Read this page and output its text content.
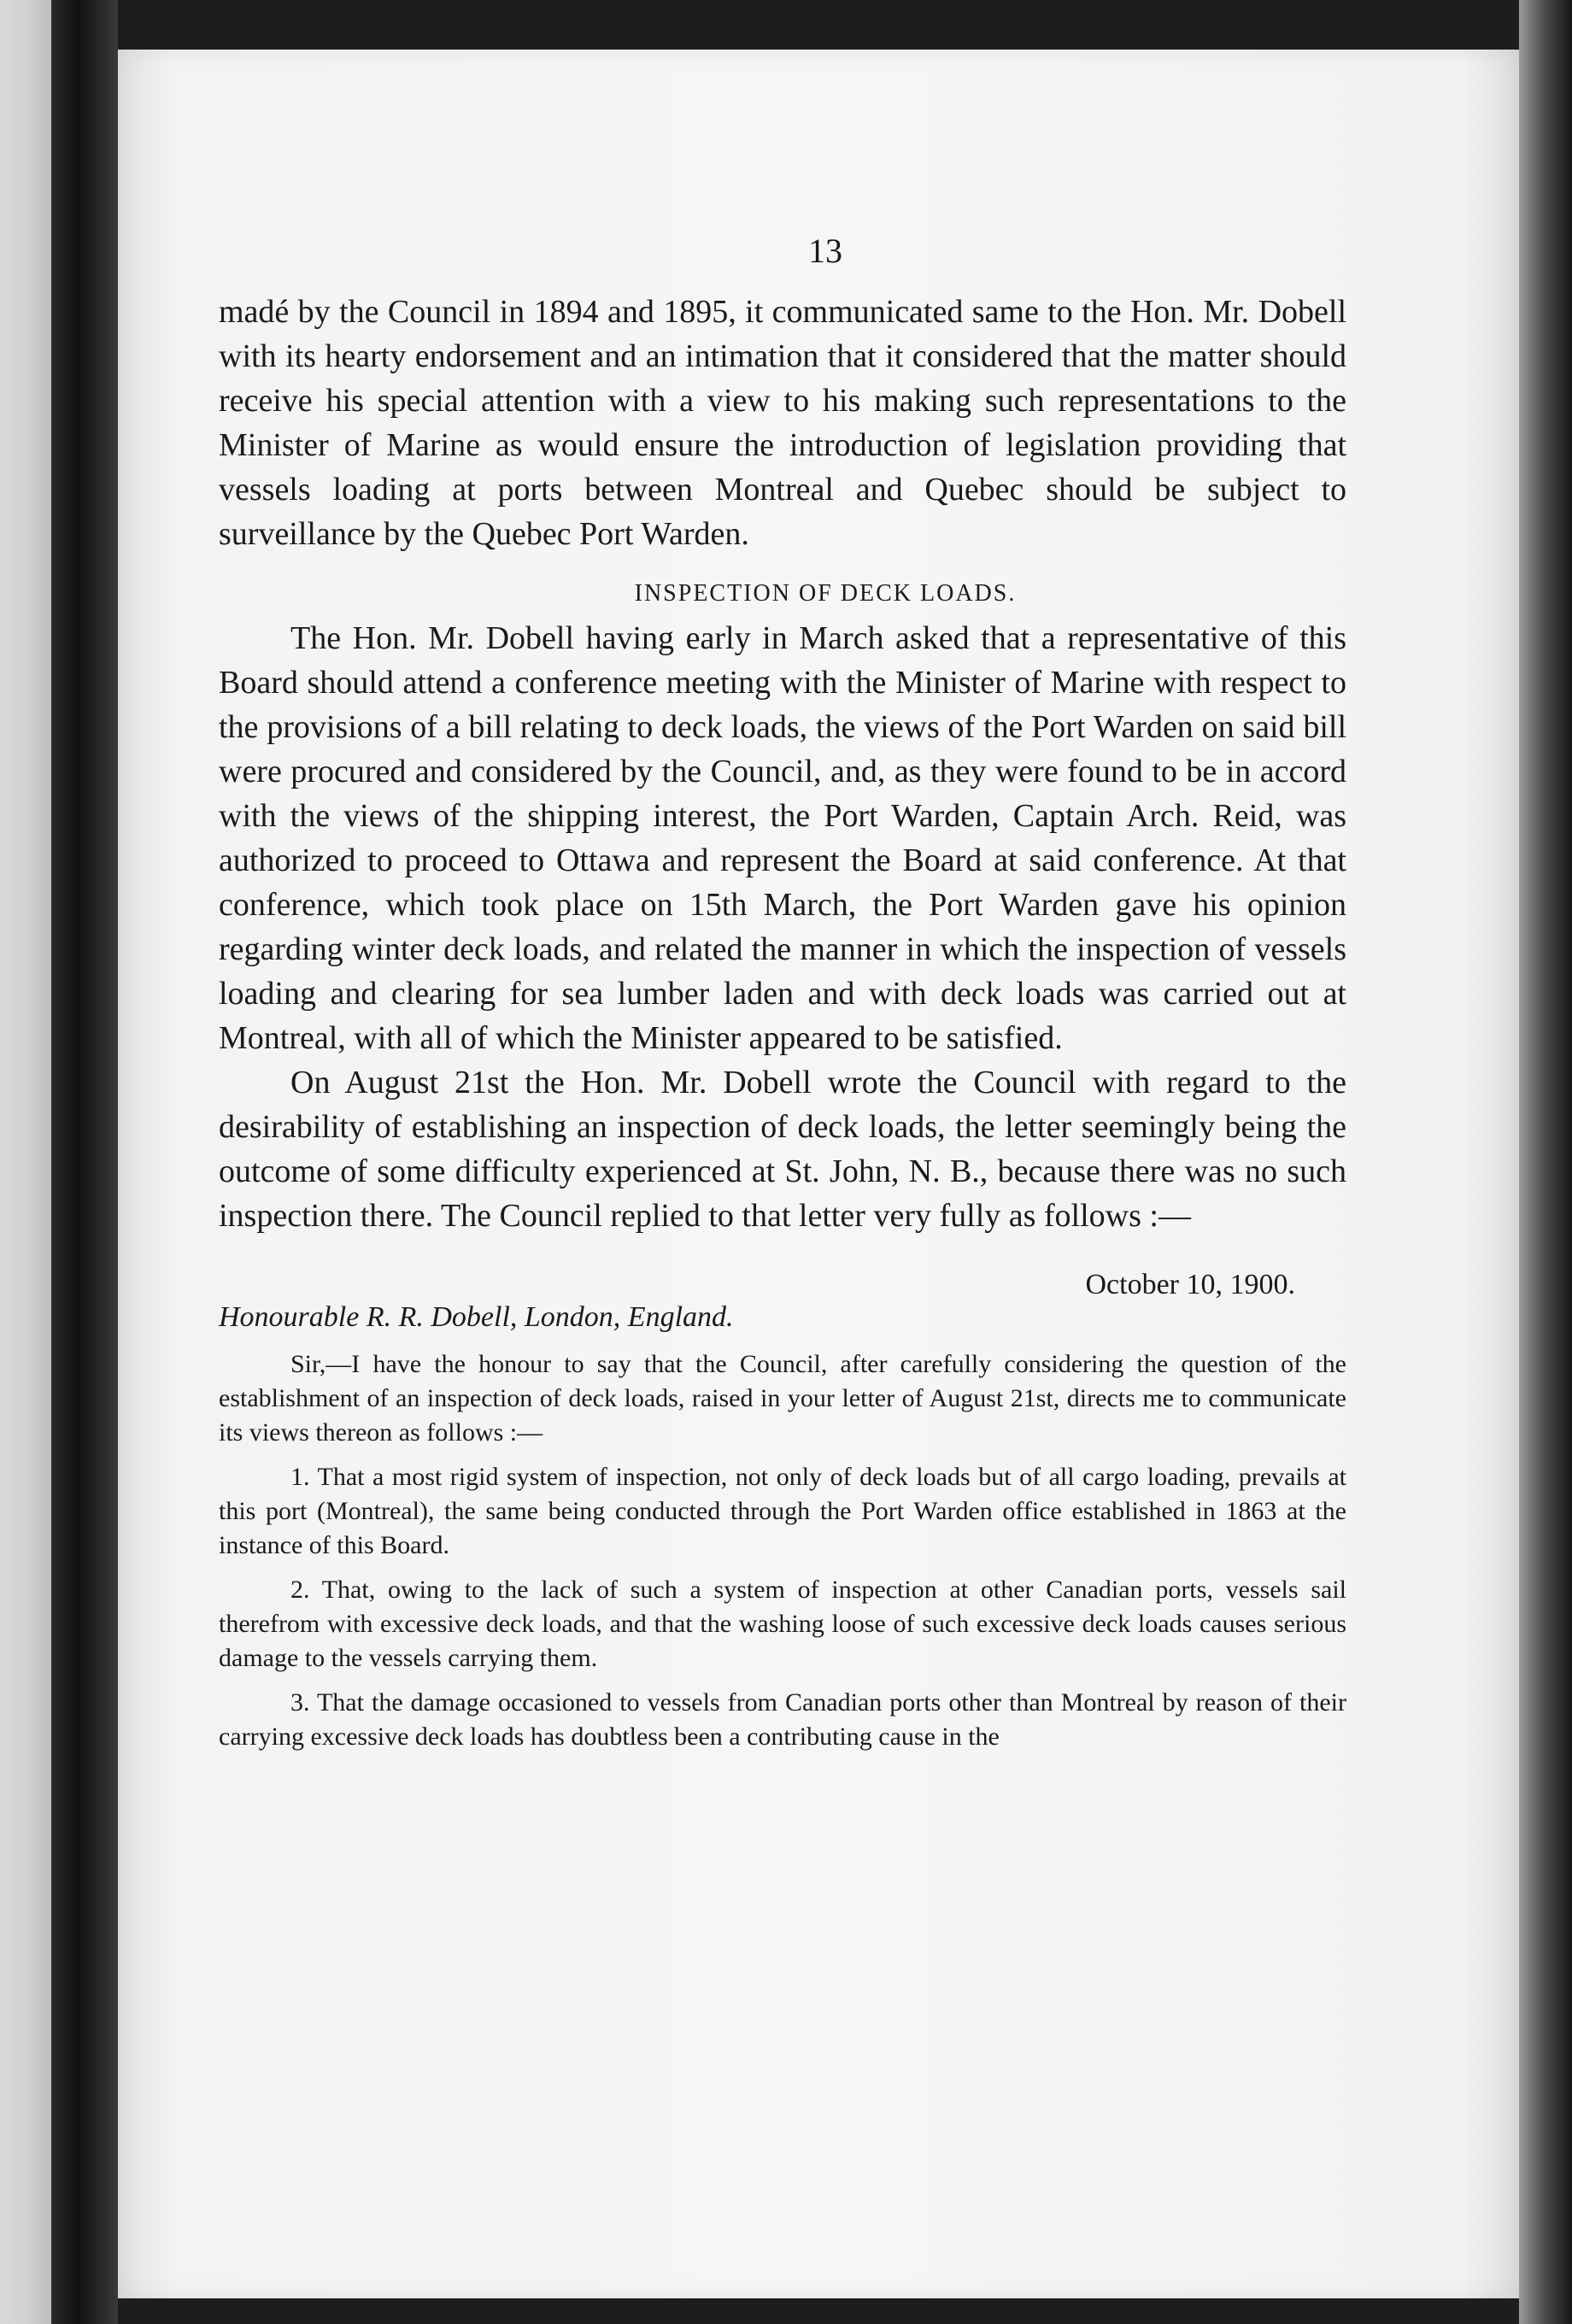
13

madé by the Council in 1894 and 1895, it communicated same to the Hon. Mr. Dobell with its hearty endorsement and an intimation that it considered that the matter should receive his special attention with a view to his making such representations to the Minister of Marine as would ensure the introduction of legislation providing that vessels loading at ports between Montreal and Quebec should be subject to surveillance by the Quebec Port Warden.

INSPECTION OF DECK LOADS.

The Hon. Mr. Dobell having early in March asked that a representative of this Board should attend a conference meeting with the Minister of Marine with respect to the provisions of a bill relating to deck loads, the views of the Port Warden on said bill were procured and considered by the Council, and, as they were found to be in accord with the views of the shipping interest, the Port Warden, Captain Arch. Reid, was authorized to proceed to Ottawa and represent the Board at said conference. At that conference, which took place on 15th March, the Port Warden gave his opinion regarding winter deck loads, and related the manner in which the inspection of vessels loading and clearing for sea lumber laden and with deck loads was carried out at Montreal, with all of which the Minister appeared to be satisfied.

On August 21st the Hon. Mr. Dobell wrote the Council with regard to the desirability of establishing an inspection of deck loads, the letter seemingly being the outcome of some difficulty experienced at St. John, N. B., because there was no such inspection there. The Council replied to that letter very fully as follows :—

October 10, 1900.
Honourable R. R. Dobell, London, England.

Sir,—I have the honour to say that the Council, after carefully considering the question of the establishment of an inspection of deck loads, raised in your letter of August 21st, directs me to communicate its views thereon as follows :—

1. That a most rigid system of inspection, not only of deck loads but of all cargo loading, prevails at this port (Montreal), the same being conducted through the Port Warden office established in 1863 at the instance of this Board.

2. That, owing to the lack of such a system of inspection at other Canadian ports, vessels sail therefrom with excessive deck loads, and that the washing loose of such excessive deck loads causes serious damage to the vessels carrying them.

3. That the damage occasioned to vessels from Canadian ports other than Montreal by reason of their carrying excessive deck loads has doubtless been a contributing cause in the
